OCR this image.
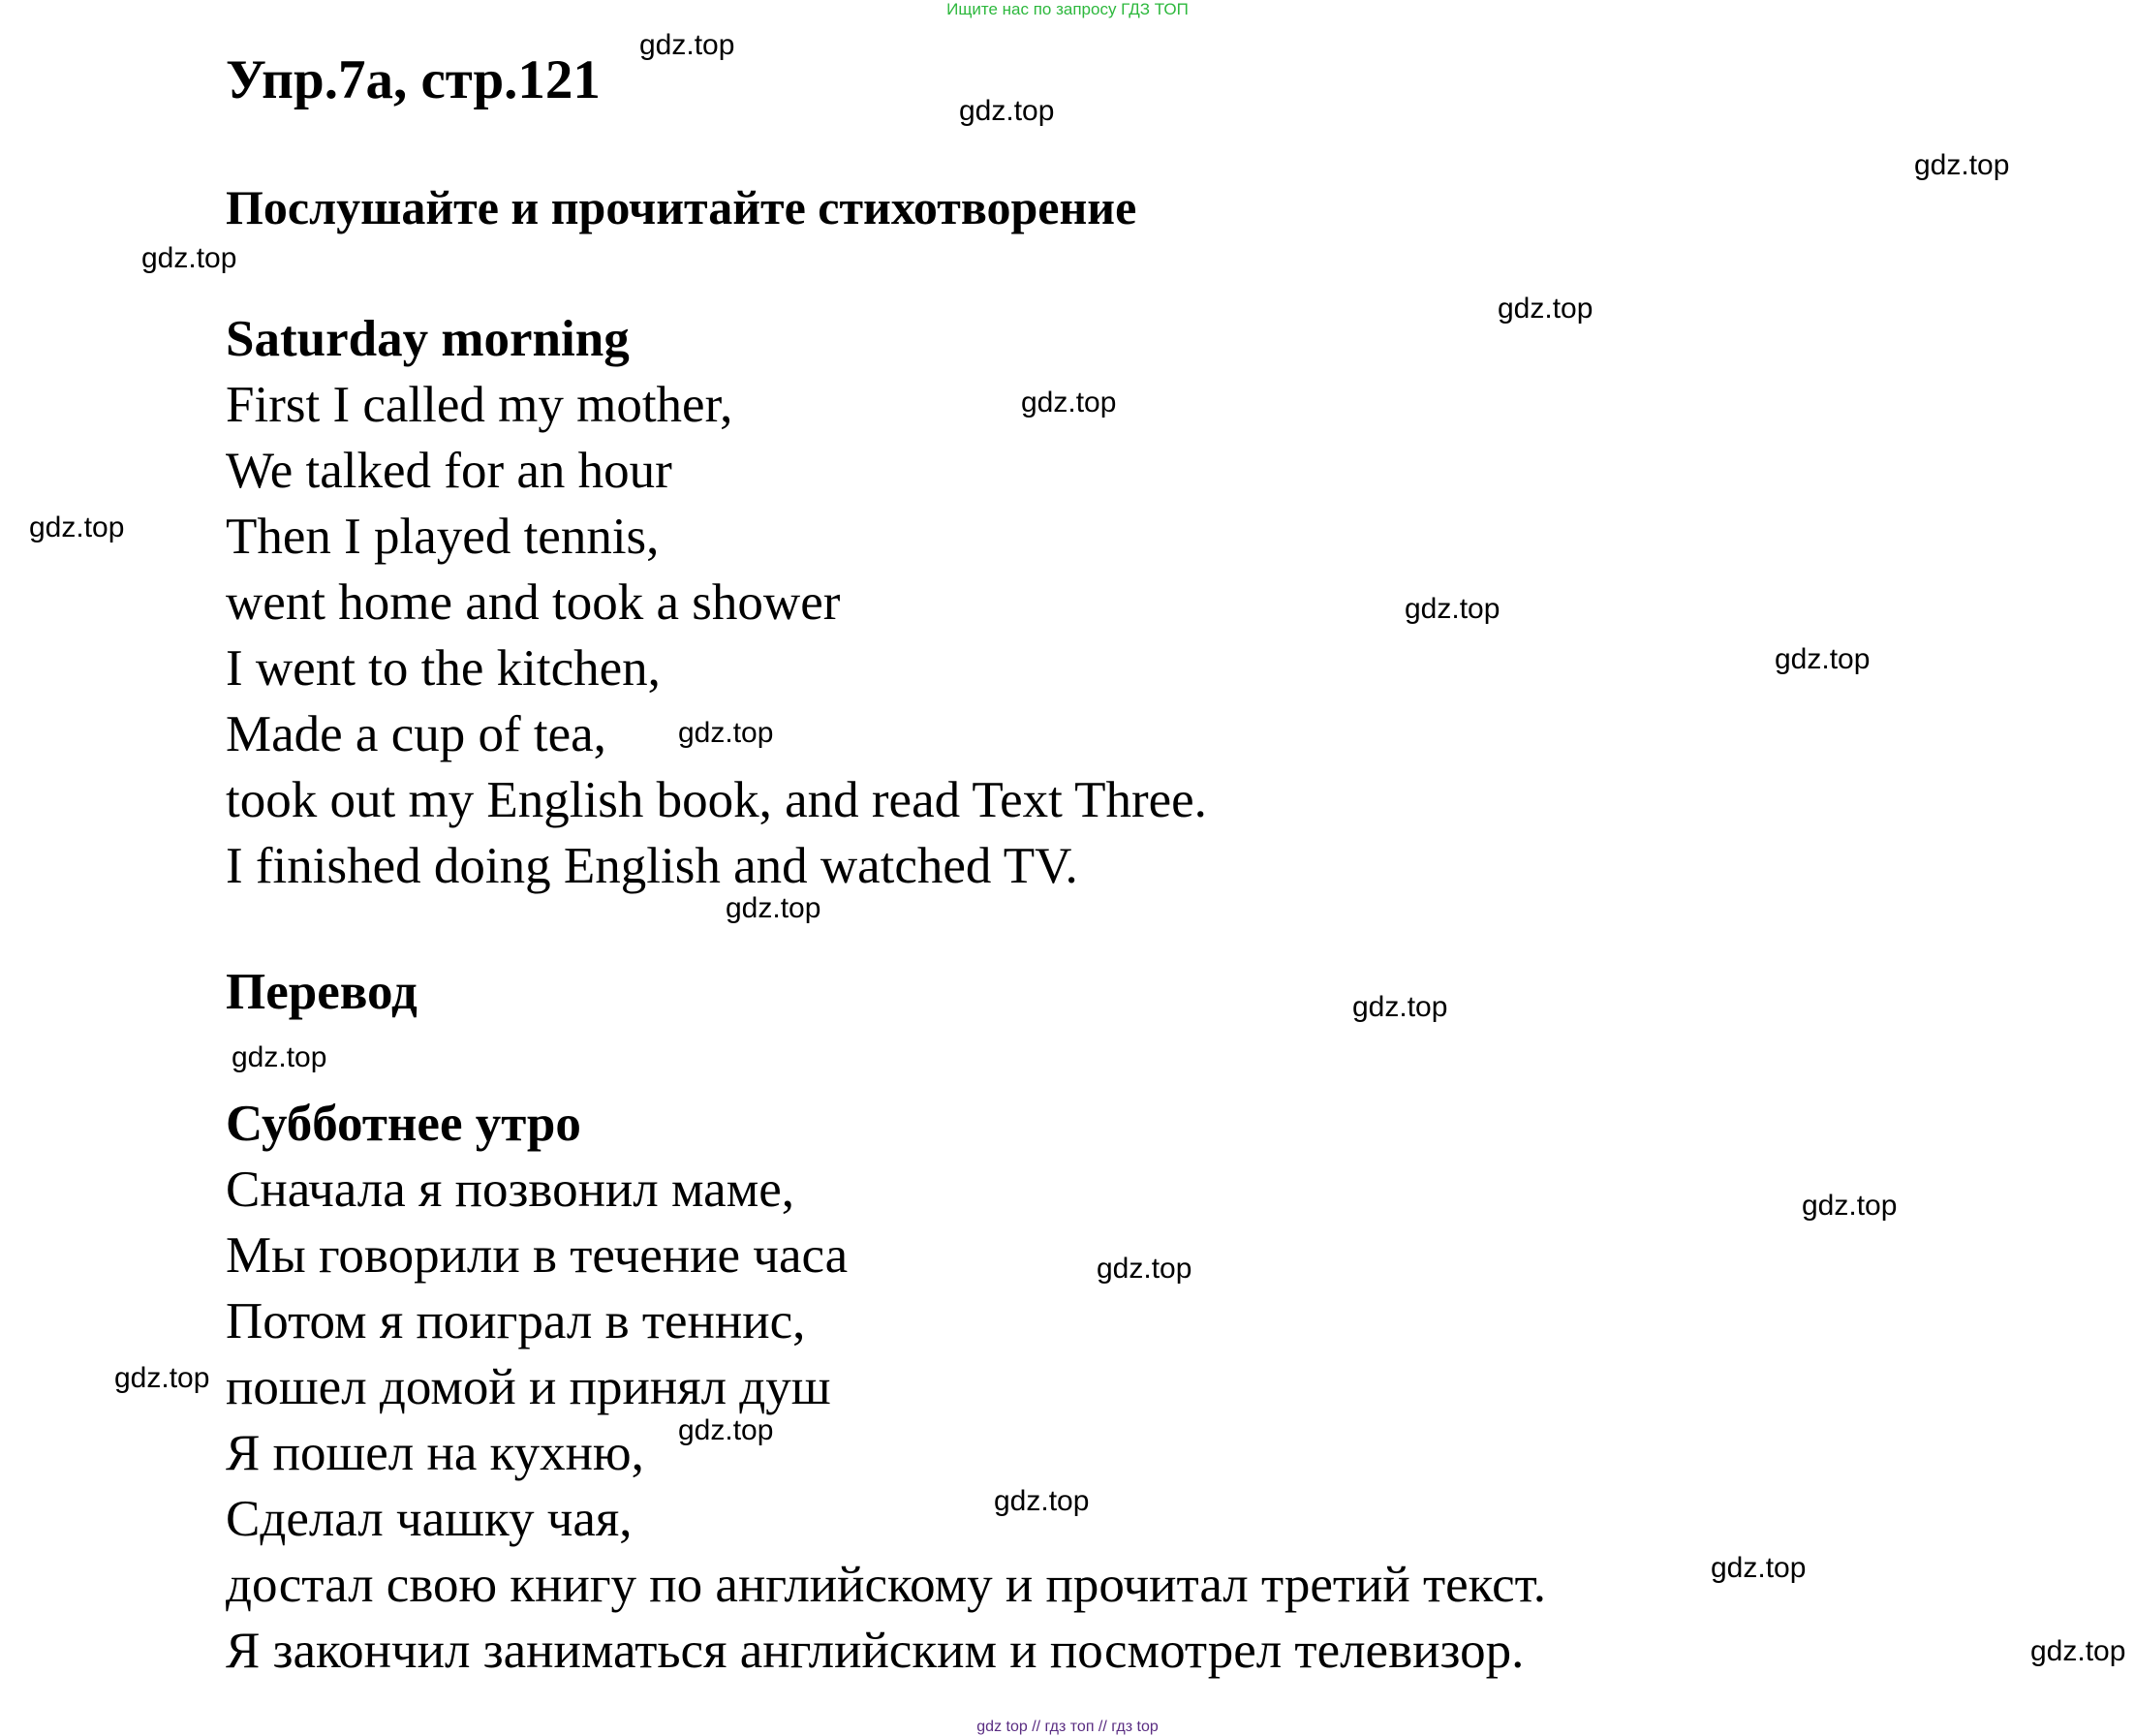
Ищите нас по запросу ГДЗ ТОП
Упр.7а, стр.121
Послушайте и прочитайте стихотворение
Saturday morning
First I called my mother,
We talked for an hour
Then I played tennis,
went home and took a shower
I went to the kitchen,
Made a cup of tea,
took out my English book, and read Text Three.
I finished doing English and watched TV.
Перевод
Субботнее утро
Сначала я позвонил маме,
Мы говорили в течение часа
Потом я поиграл в теннис,
пошел домой и принял душ
Я пошел на кухню,
Сделал чашку чая,
достал свою книгу по английскому и прочитал третий текст.
Я закончил заниматься английским и посмотрел телевизор.
gdz.top
gdz.top
gdz.top
gdz.top
gdz.top
gdz.top
gdz.top
gdz.top
gdz.top
gdz.top
gdz.top
gdz.top
gdz.top
gdz.top
gdz.top
gdz.top
gdz.top
gdz.top
gdz.top
gdz.top
gdz top // гдз топ // гдз top
